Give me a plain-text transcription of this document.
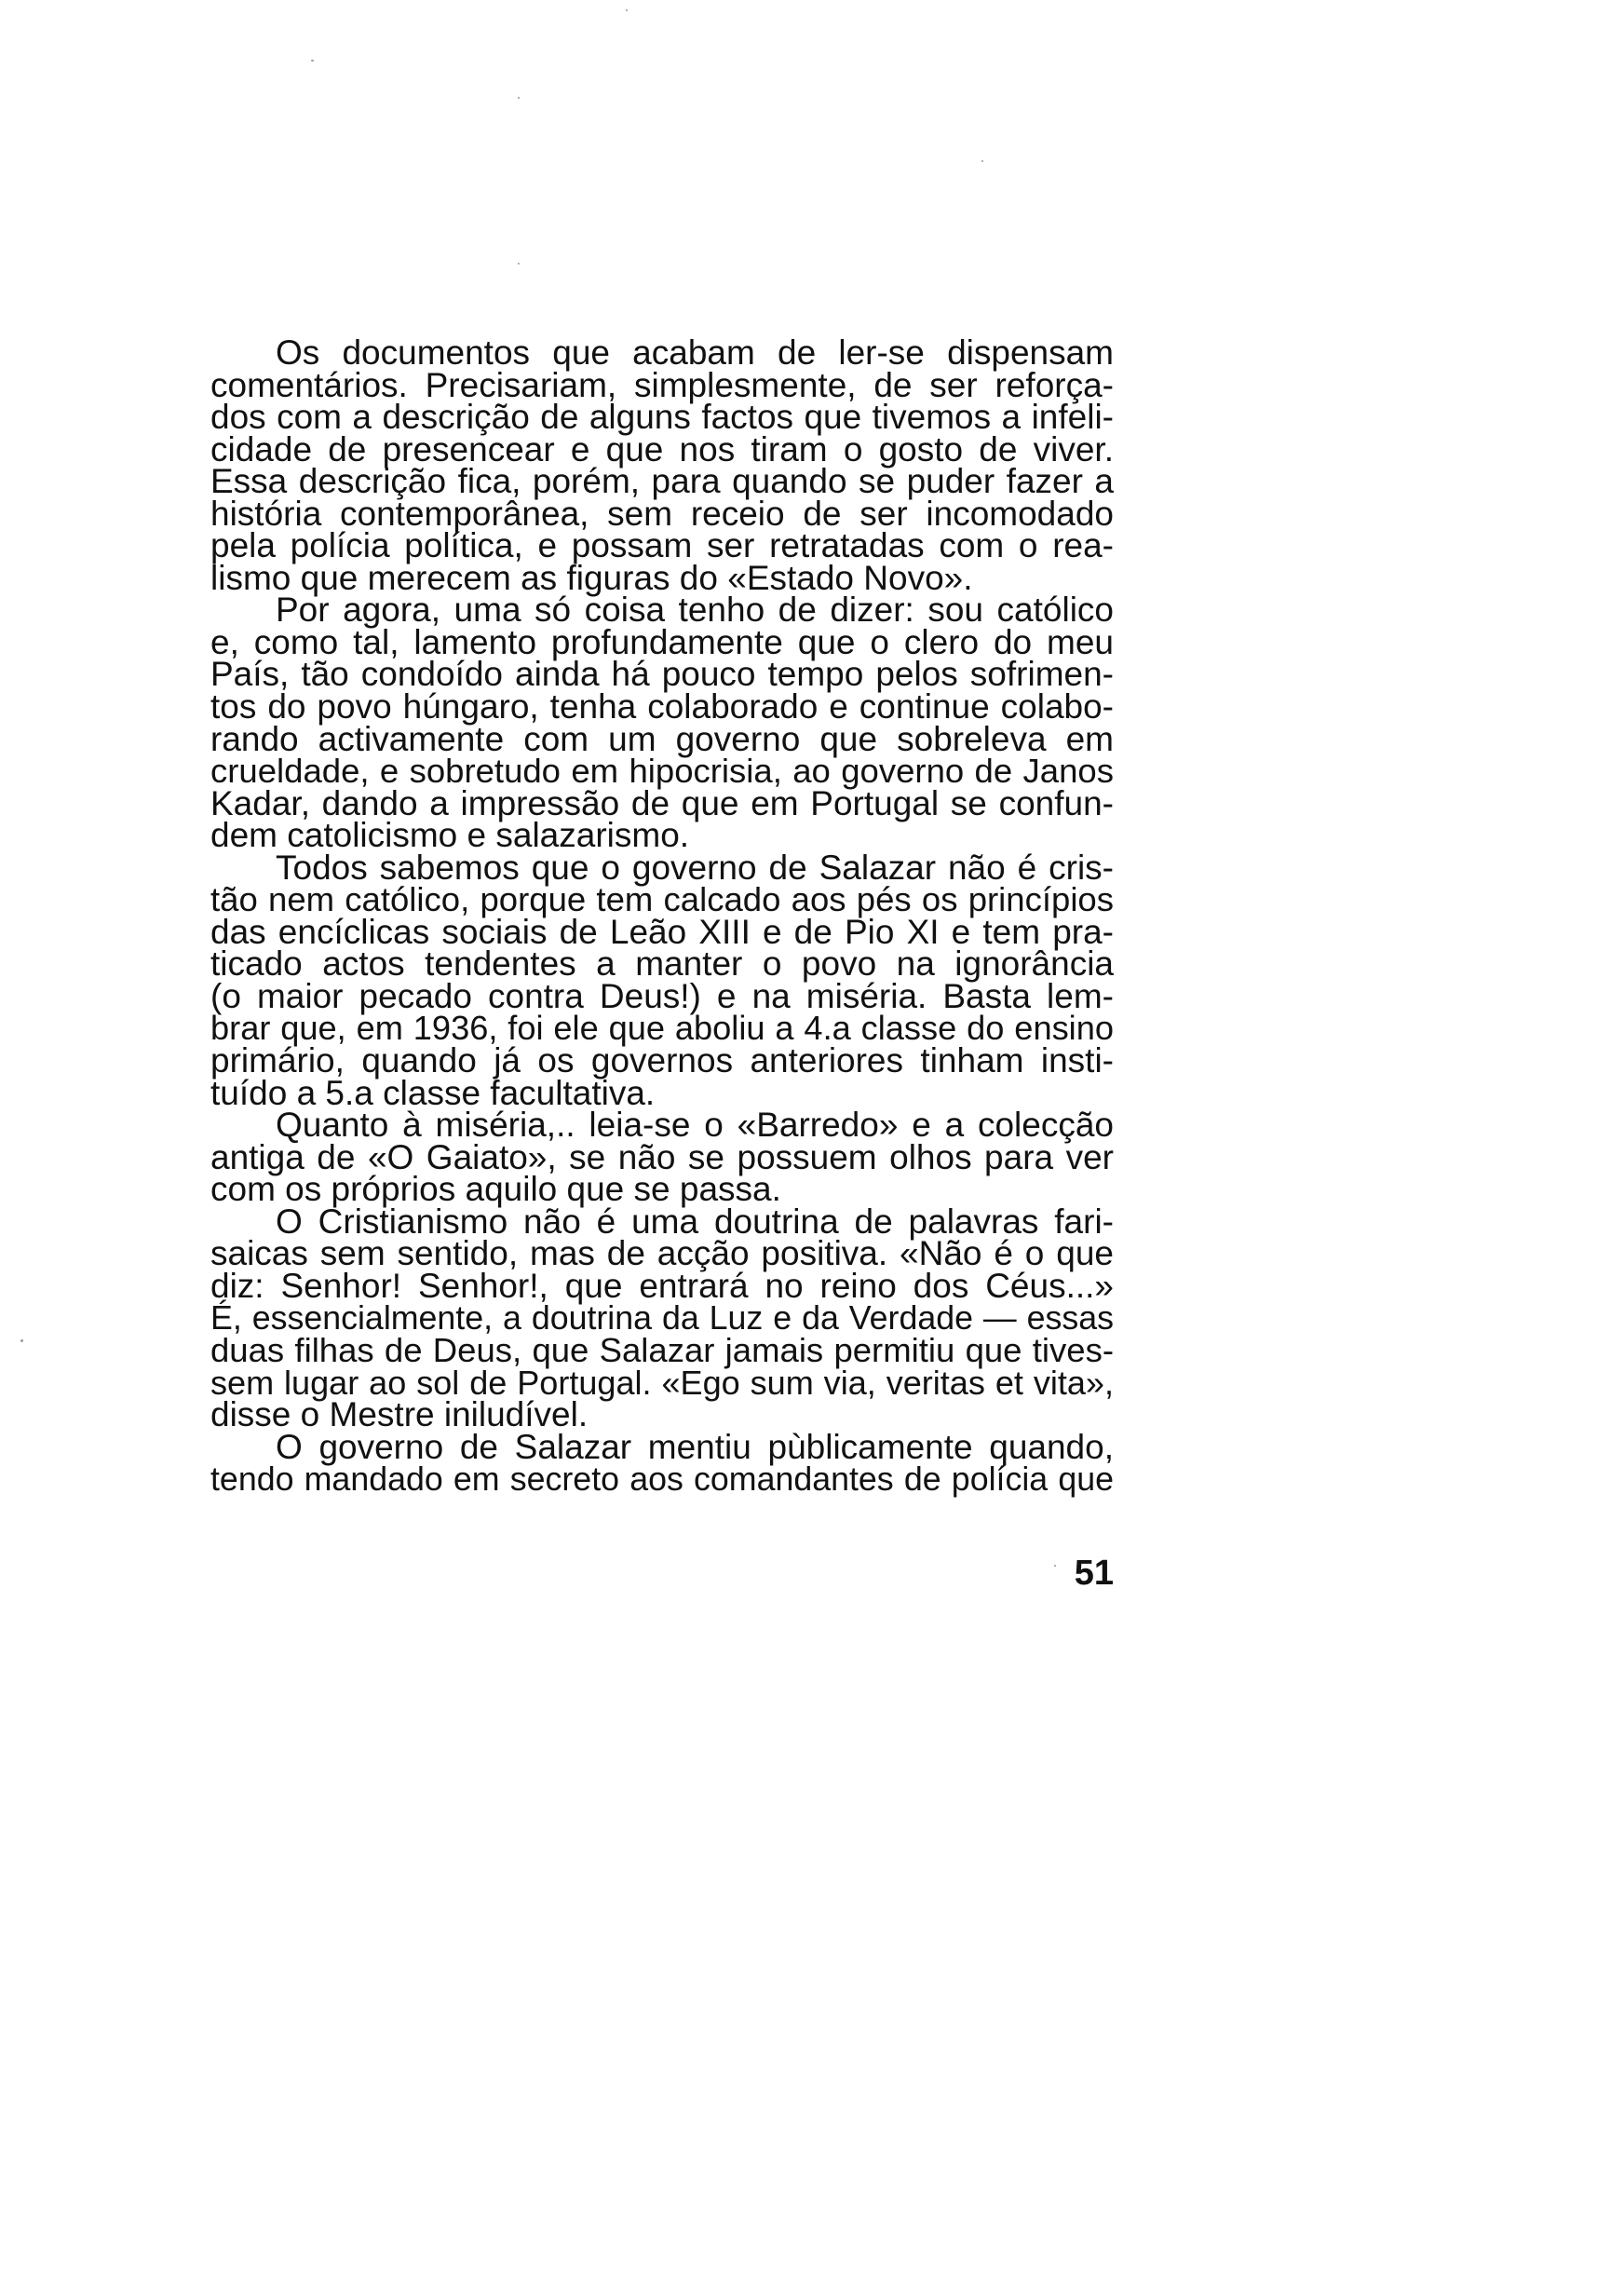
Os documentos que acabam de ler-se dispensam
comentários. Precisariam, simplesmente, de ser reforça-
dos com a descrição de alguns factos que tivemos a infeli-
cidade de presencear e que nos tiram o gosto de viver.
Essa descrição fica, porém, para quando se puder fazer a
história contemporânea, sem receio de ser incomodado
pela polícia política, e possam ser retratadas com o rea-
lismo que merecem as figuras do «Estado Novo».
Por agora, uma só coisa tenho de dizer: sou católico
e, como tal, lamento profundamente que o clero do meu
País, tão condoído ainda há pouco tempo pelos sofrimen-
tos do povo húngaro, tenha colaborado e continue colabo-
rando activamente com um governo que sobreleva em
crueldade, e sobretudo em hipocrisia, ao governo de Janos
Kadar, dando a impressão de que em Portugal se confun-
dem catolicismo e salazarismo.
Todos sabemos que o governo de Salazar não é cris-
tão nem católico, porque tem calcado aos pés os princípios
das encíclicas sociais de Leão XIII e de Pio XI e tem pra-
ticado actos tendentes a manter o povo na ignorância
(o maior pecado contra Deus!) e na miséria. Basta lem-
brar que, em 1936, foi ele que aboliu a 4.a classe do ensino
primário, quando já os governos anteriores tinham insti-
tuído a 5.a classe facultativa.
Quanto à miséria,.. leia-se o «Barredo» e a colecção
antiga de «O Gaiato», se não se possuem olhos para ver
com os próprios aquilo que se passa.
O Cristianismo não é uma doutrina de palavras fari-
saicas sem sentido, mas de acção positiva. «Não é o que
diz: Senhor! Senhor!, que entrará no reino dos Céus...»
É, essencialmente, a doutrina da Luz e da Verdade — essas
duas filhas de Deus, que Salazar jamais permitiu que tives-
sem lugar ao sol de Portugal. «Ego sum via, veritas et vita»,
disse o Mestre iniludível.
O governo de Salazar mentiu pùblicamente quando,
tendo mandado em secreto aos comandantes de polícia que
51
